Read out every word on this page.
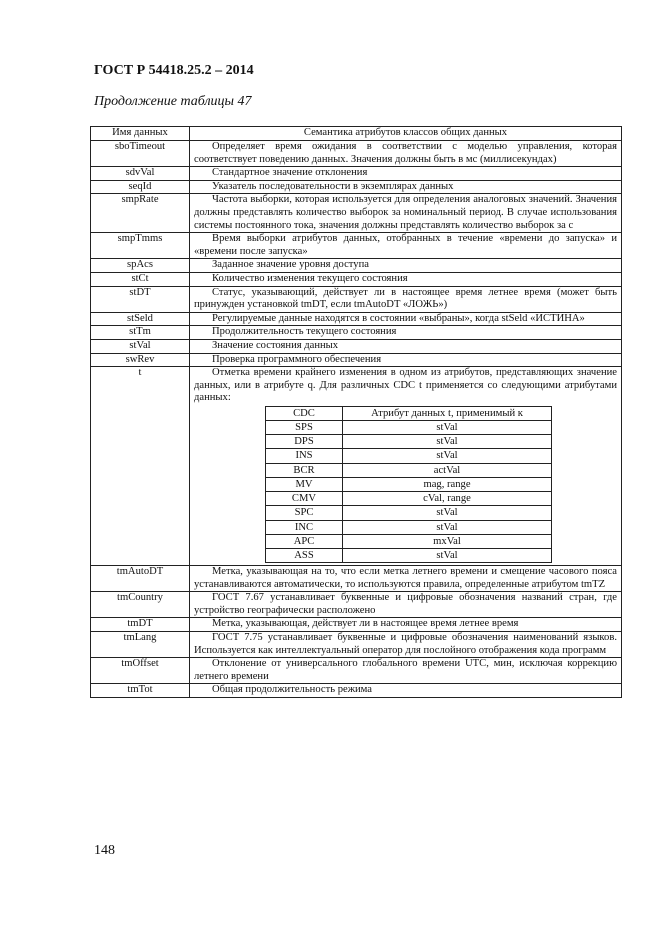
ГОСТ Р 54418.25.2 – 2014
Продолжение таблицы 47
Имя данных	Семантика атрибутов классов общих данных
sboTimeout	Определяет время ожидания в соответствии с моделью управления, которая соответствует поведению данных. Значения должны быть в мс (миллисекундах)
sdvVal	Стандартное значение отклонения
seqId	Указатель последовательности в экземплярах данных
smpRate	Частота выборки, которая используется для определения аналоговых значений. Значения должны представлять количество выборок за номинальный период. В случае использования системы постоянного тока, значения должны представлять количество выборок за с
smpTmms	Время выборки атрибутов данных, отобранных в течение «времени до запуска» и «времени после запуска»
spAcs	Заданное значение уровня доступа
stCt	Количество изменения текущего состояния
stDT	Статус, указывающий, действует ли в настоящее время летнее время (может быть принужден установкой tmDT, если tmAutoDT «ЛОЖЬ»)
stSeld	Регулируемые данные находятся в состоянии «выбраны», когда stSeld «ИСТИНА»
stTm	Продолжительность текущего состояния
stVal	Значение состояния данных
swRev	Проверка программного обеспечения
t	Отметка времени крайнего изменения в одном из атрибутов, представляющих значение данных, или в атрибуте q. Для различных CDC t применяется со следующими атрибутами данных:
CDC	Атрибут данных t, применимый к
SPS	stVal
DPS	stVal
INS	stVal
BCR	actVal
MV	mag, range
CMV	cVal, range
SPC	stVal
INC	stVal
APC	mxVal
ASS	stVal

tmAutoDT	Метка, указывающая на то, что если метка летнего времени и смещение часового пояса устанавливаются автоматически, то используются правила, определенные атрибутом tmTZ
tmCountry	ГОСТ 7.67 устанавливает буквенные и цифровые обозначения названий стран, где устройство географически расположено
tmDT	Метка, указывающая, действует ли в настоящее время летнее время
tmLang	ГОСТ 7.75 устанавливает буквенные и цифровые обозначения наименований языков. Используется как интеллектуальный оператор для послойного отображения кода программ
tmOffset	Отклонение от универсального глобального времени UTC, мин, исключая коррекцию летнего времени
tmTot	Общая продолжительность режима
148
